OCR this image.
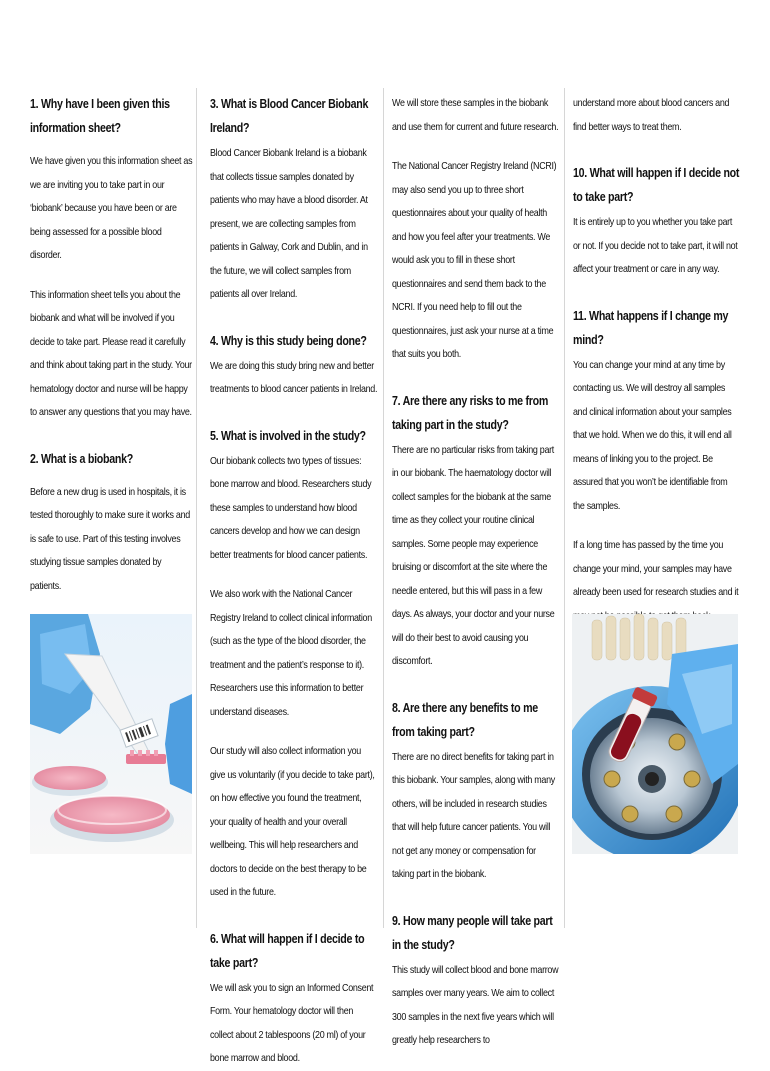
1. Why have I been given this information sheet?

We have given you this information sheet as we are inviting you to take part in our ‘biobank’ because you have been or are being assessed for a possible blood disorder.

This information sheet tells you about the biobank and what will be involved if you decide to take part. Please read it carefully and think about taking part in the study. Your hematology doctor and nurse will be happy to answer any questions that you may have.

2. What is a biobank?

Before a new drug is used in hospitals, it is tested thoroughly to make sure it works and is safe to use. Part of this testing involves studying tissue samples donated by patients.

3. What is Blood Cancer Biobank Ireland?

Blood Cancer Biobank Ireland is a biobank that collects tissue samples donated by patients who may have a blood disorder. At present, we are collecting samples from patients in Galway, Cork and Dublin, and in the future, we will collect samples from patients all over Ireland.

4. Why is this study being done?

We are doing this study bring new and better treatments to blood cancer patients in Ireland.

5. What is involved in the study?

Our biobank collects two types of tissues: bone marrow and blood. Researchers study these samples to understand how blood cancers develop and how we can design better treatments for blood cancer patients.

We also work with the National Cancer Registry Ireland to collect clinical information (such as the type of the blood disorder, the treatment and the patient’s response to it). Researchers use this information to better understand diseases.

Our study will also collect information you give us voluntarily (if you decide to take part), on how effective you found the treatment, your quality of health and your overall wellbeing. This will help researchers and doctors to decide on the best therapy to be used in the future.

6. What will happen if I decide to take part?

We will ask you to sign an Informed Consent Form. Your hematology doctor will then collect about 2 tablespoons (20 ml) of your bone marrow and blood.

We will store these samples in the biobank and use them for current and future research.

The National Cancer Registry Ireland (NCRI) may also send you up to three short questionnaires about your quality of health and how you feel after your treatments. We would ask you to fill in these short questionnaires and send them back to the NCRI. If you need help to fill out the questionnaires, just ask your nurse at a time that suits you both.

7. Are there any risks to me from taking part in the study?

There are no particular risks from taking part in our biobank. The haematology doctor will collect samples for the biobank at the same time as they collect your routine clinical samples. Some people may experience bruising or discomfort at the site where the needle entered, but this will pass in a few days. As always, your doctor and your nurse will do their best to avoid causing you discomfort.

8. Are there any benefits to me from taking part?

There are no direct benefits for taking part in this biobank. Your samples, along with many others, will be included in research studies that will help future cancer patients. You will not get any money or compensation for taking part in the biobank.

9. How many people will take part in the study?

This study will collect blood and bone marrow samples over many years. We aim to collect 300 samples in the next five years which will greatly help researchers to

understand more about blood cancers and find better ways to treat them.

10. What will happen if I decide not to take part?

It is entirely up to you whether you take part or not. If you decide not to take part, it will not affect your treatment or care in any way.

11. What happens if I change my mind?

You can change your mind at any time by contacting us. We will destroy all samples and clinical information about your samples that we hold. When we do this, it will end all means of linking you to the project. Be assured that you won’t be identifiable from the samples.

If a long time has passed by the time you change your mind, your samples may have already been used for research studies and it
